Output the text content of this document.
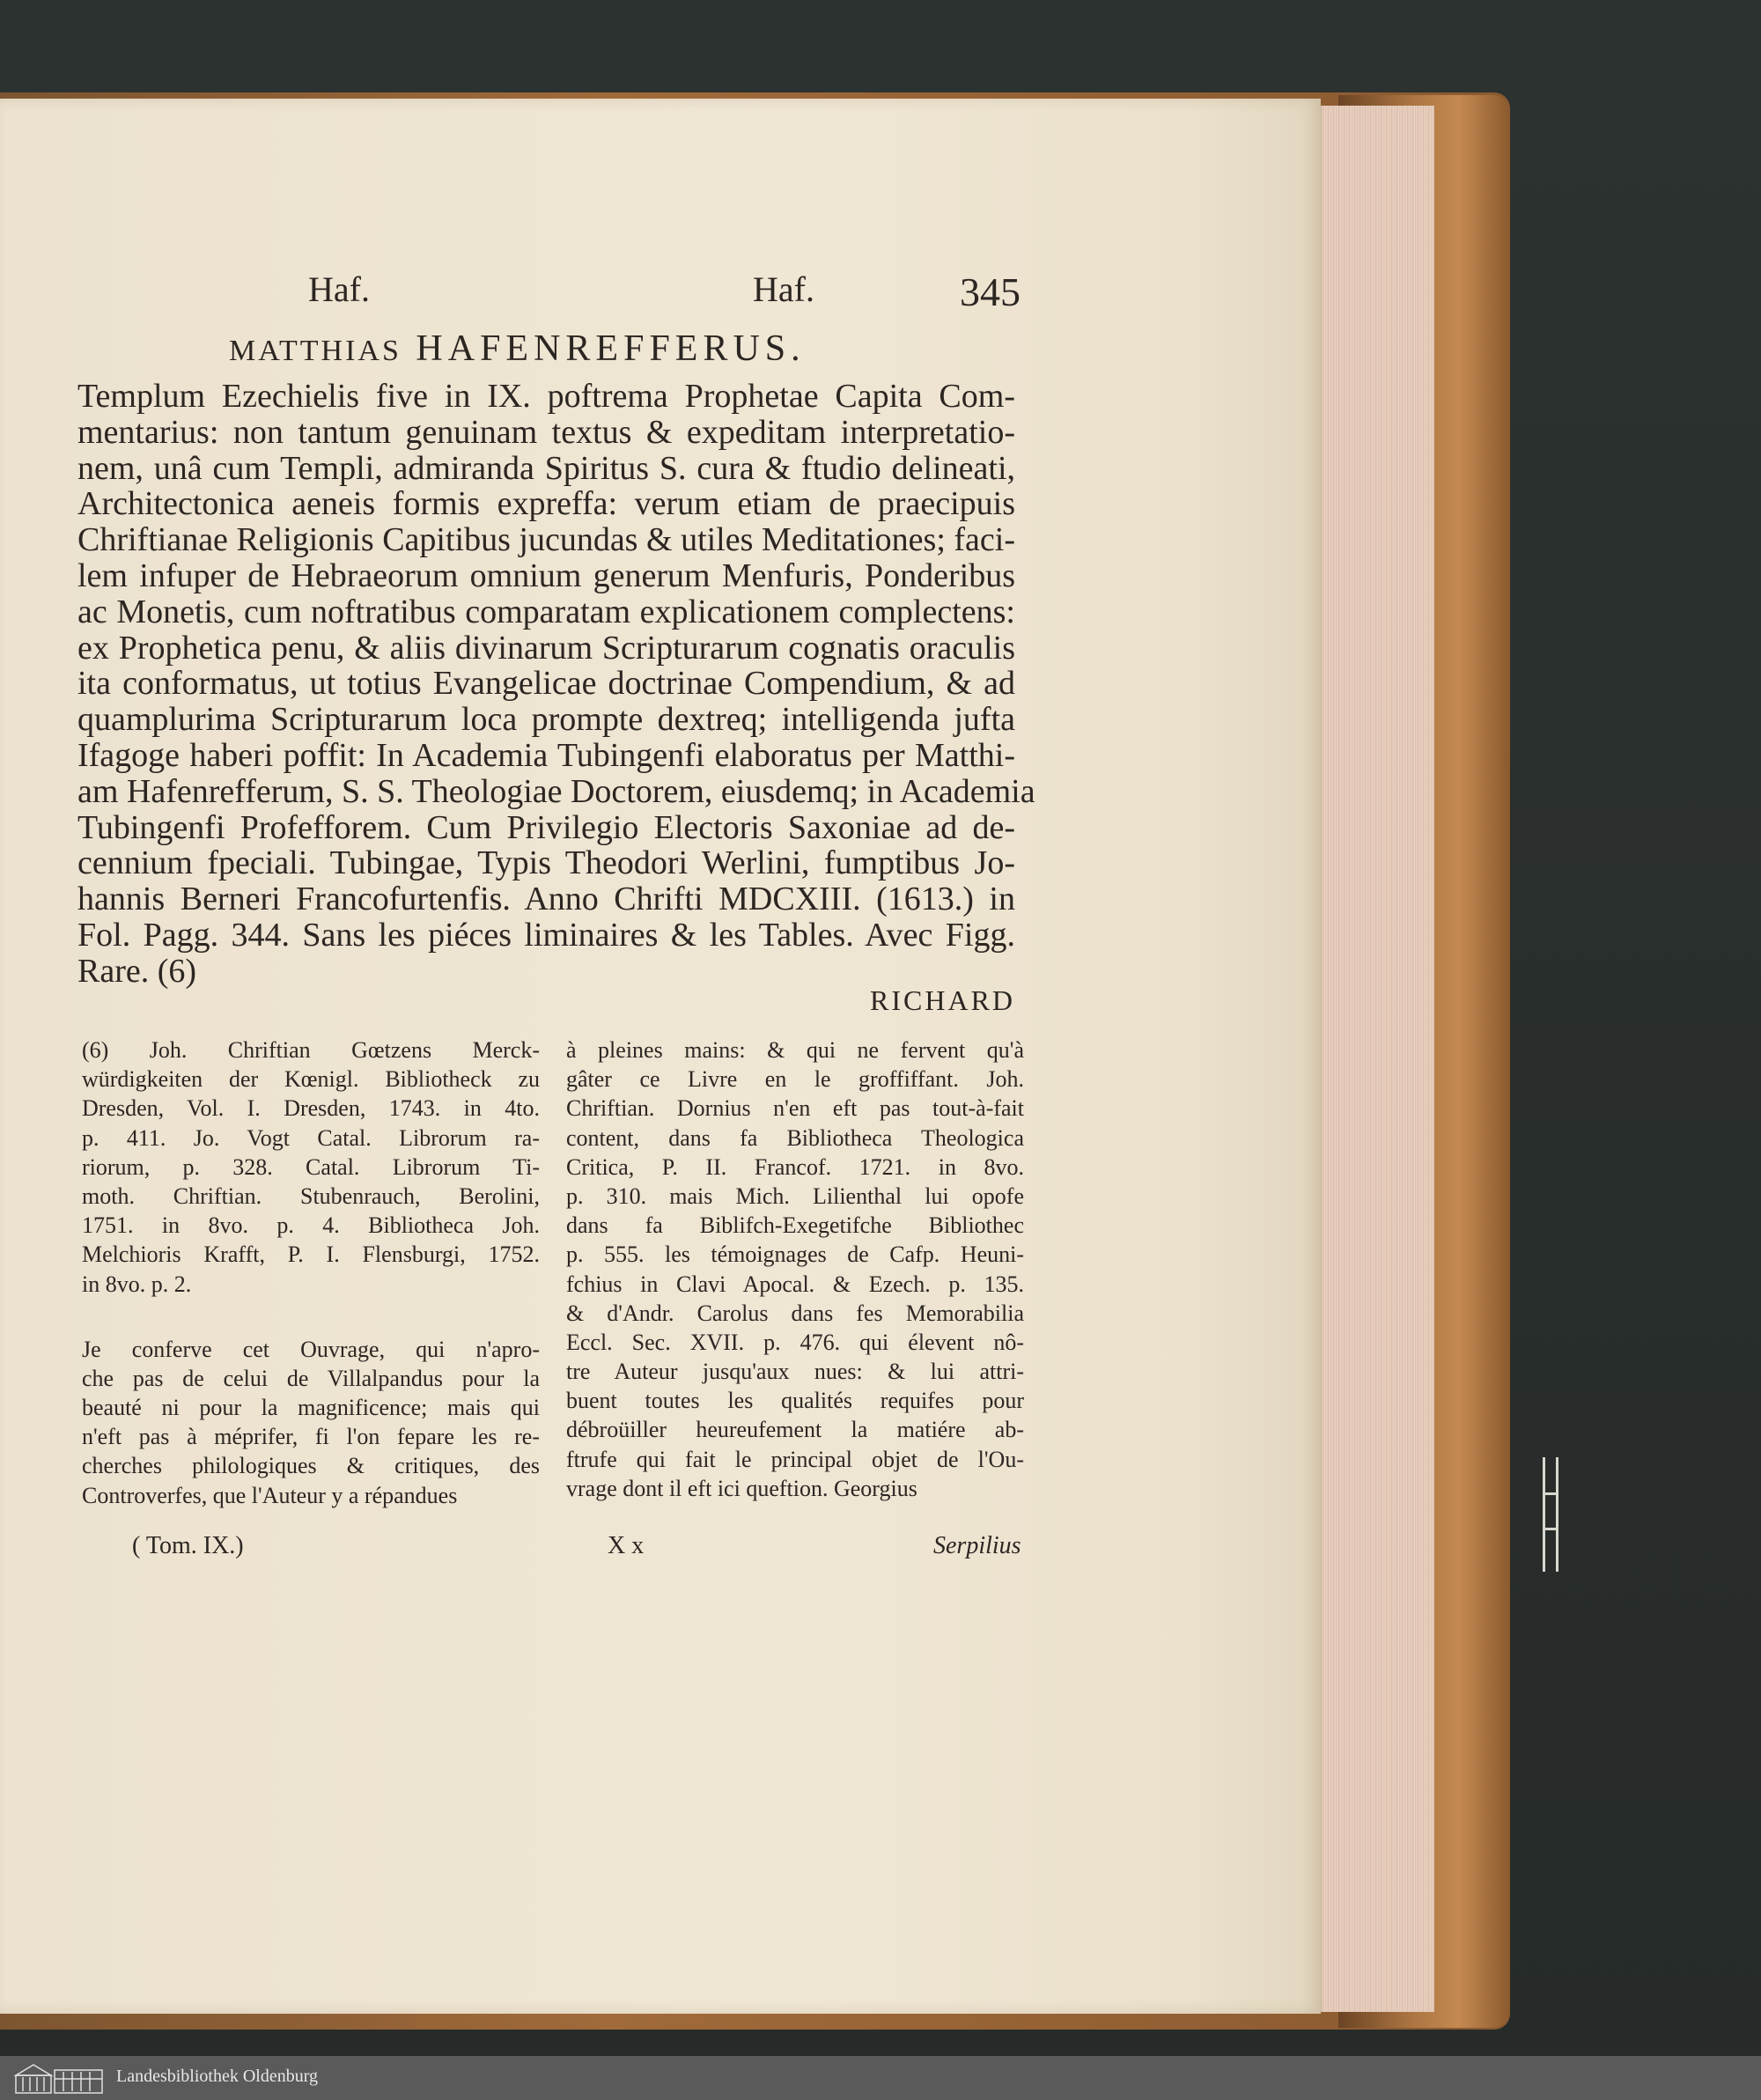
Haf.	Haf.	345

MATTHIAS HAFENREFFERUS.

Templum Ezechielis five in IX. poftrema Prophetae Capita Com-
mentarius: non tantum genuinam textus & expeditam interpretatio-
nem, unâ cum Templi, admiranda Spiritus S. cura & ftudio delineati,
Architectonica aeneis formis expreffa: verum etiam de praecipuis
Chriftianae Religionis Capitibus jucundas & utiles Meditationes; faci-
lem infuper de Hebraeorum omnium generum Menfuris, Ponderibus
ac Monetis, cum noftratibus comparatam explicationem complectens:
ex Prophetica penu, & aliis divinarum Scripturarum cognatis oraculis
ita conformatus, ut totius Evangelicae doctrinae Compendium, & ad
quamplurima Scripturarum loca prompte dextreq; intelligenda jufta
Ifagoge haberi poffit: In Academia Tubingenfi elaboratus per Matthi-
am Hafenrefferum, S. S. Theologiae Doctorem, eiusdemq; in Academia
Tubingenfi Profefforem. Cum Privilegio Electoris Saxoniae ad de-
cennium fpeciali. Tubingae, Typis Theodori Werlini, fumptibus Jo-
hannis Berneri Francofurtenfis. Anno Chrifti MDCXIII. (1613.) in
Fol. Pagg. 344. Sans les piéces liminaires & les Tables. Avec Figg.
Rare. (6)

RICHARD

(6) Joh. Chriftian Gœtzens Merck-
würdigkeiten der Kœnigl. Bibliotheck zu
Dresden, Vol. I. Dresden, 1743. in 4to.
p. 411. Jo. Vogt Catal. Librorum ra-
riorum, p. 328. Catal. Librorum Ti-
moth. Chriftian. Stubenrauch, Berolini,
1751. in 8vo. p. 4. Bibliotheca Joh.
Melchioris Krafft, P. I. Flensburgi, 1752.
in 8vo. p. 2.
Je conferve cet Ouvrage, qui n'apro-
che pas de celui de Villalpandus pour la
beauté ni pour la magnificence; mais qui
n'eft pas à méprifer, fi l'on fepare les re-
cherches philologiques & critiques, des
Controverfes, que l'Auteur y a répandues
à pleines mains: & qui ne fervent qu'à
gâter ce Livre en le groffiffant. Joh.
Chriftian. Dornius n'en eft pas tout-à-fait
content, dans fa Bibliotheca Theologica
Critica, P. II. Francof. 1721. in 8vo.
p. 310. mais Mich. Lilienthal lui opofe
dans fa Biblifch-Exegetifche Bibliothec
p. 555. les témoignages de Cafp. Heuni-
fchius in Clavi Apocal. & Ezech. p. 135.
& d'Andr. Carolus dans fes Memorabilia
Eccl. Sec. XVII. p. 476. qui élevent nô-
tre Auteur jusqu'aux nues: & lui attri-
buent toutes les qualités requifes pour
débroüiller heureufement la matiére ab-
ftrufe qui fait le principal objet de l'Ou-
vrage dont il eft ici queftion. Georgius

( Tom. IX.)	X x	Serpilius

Landesbibliothek Oldenburg
